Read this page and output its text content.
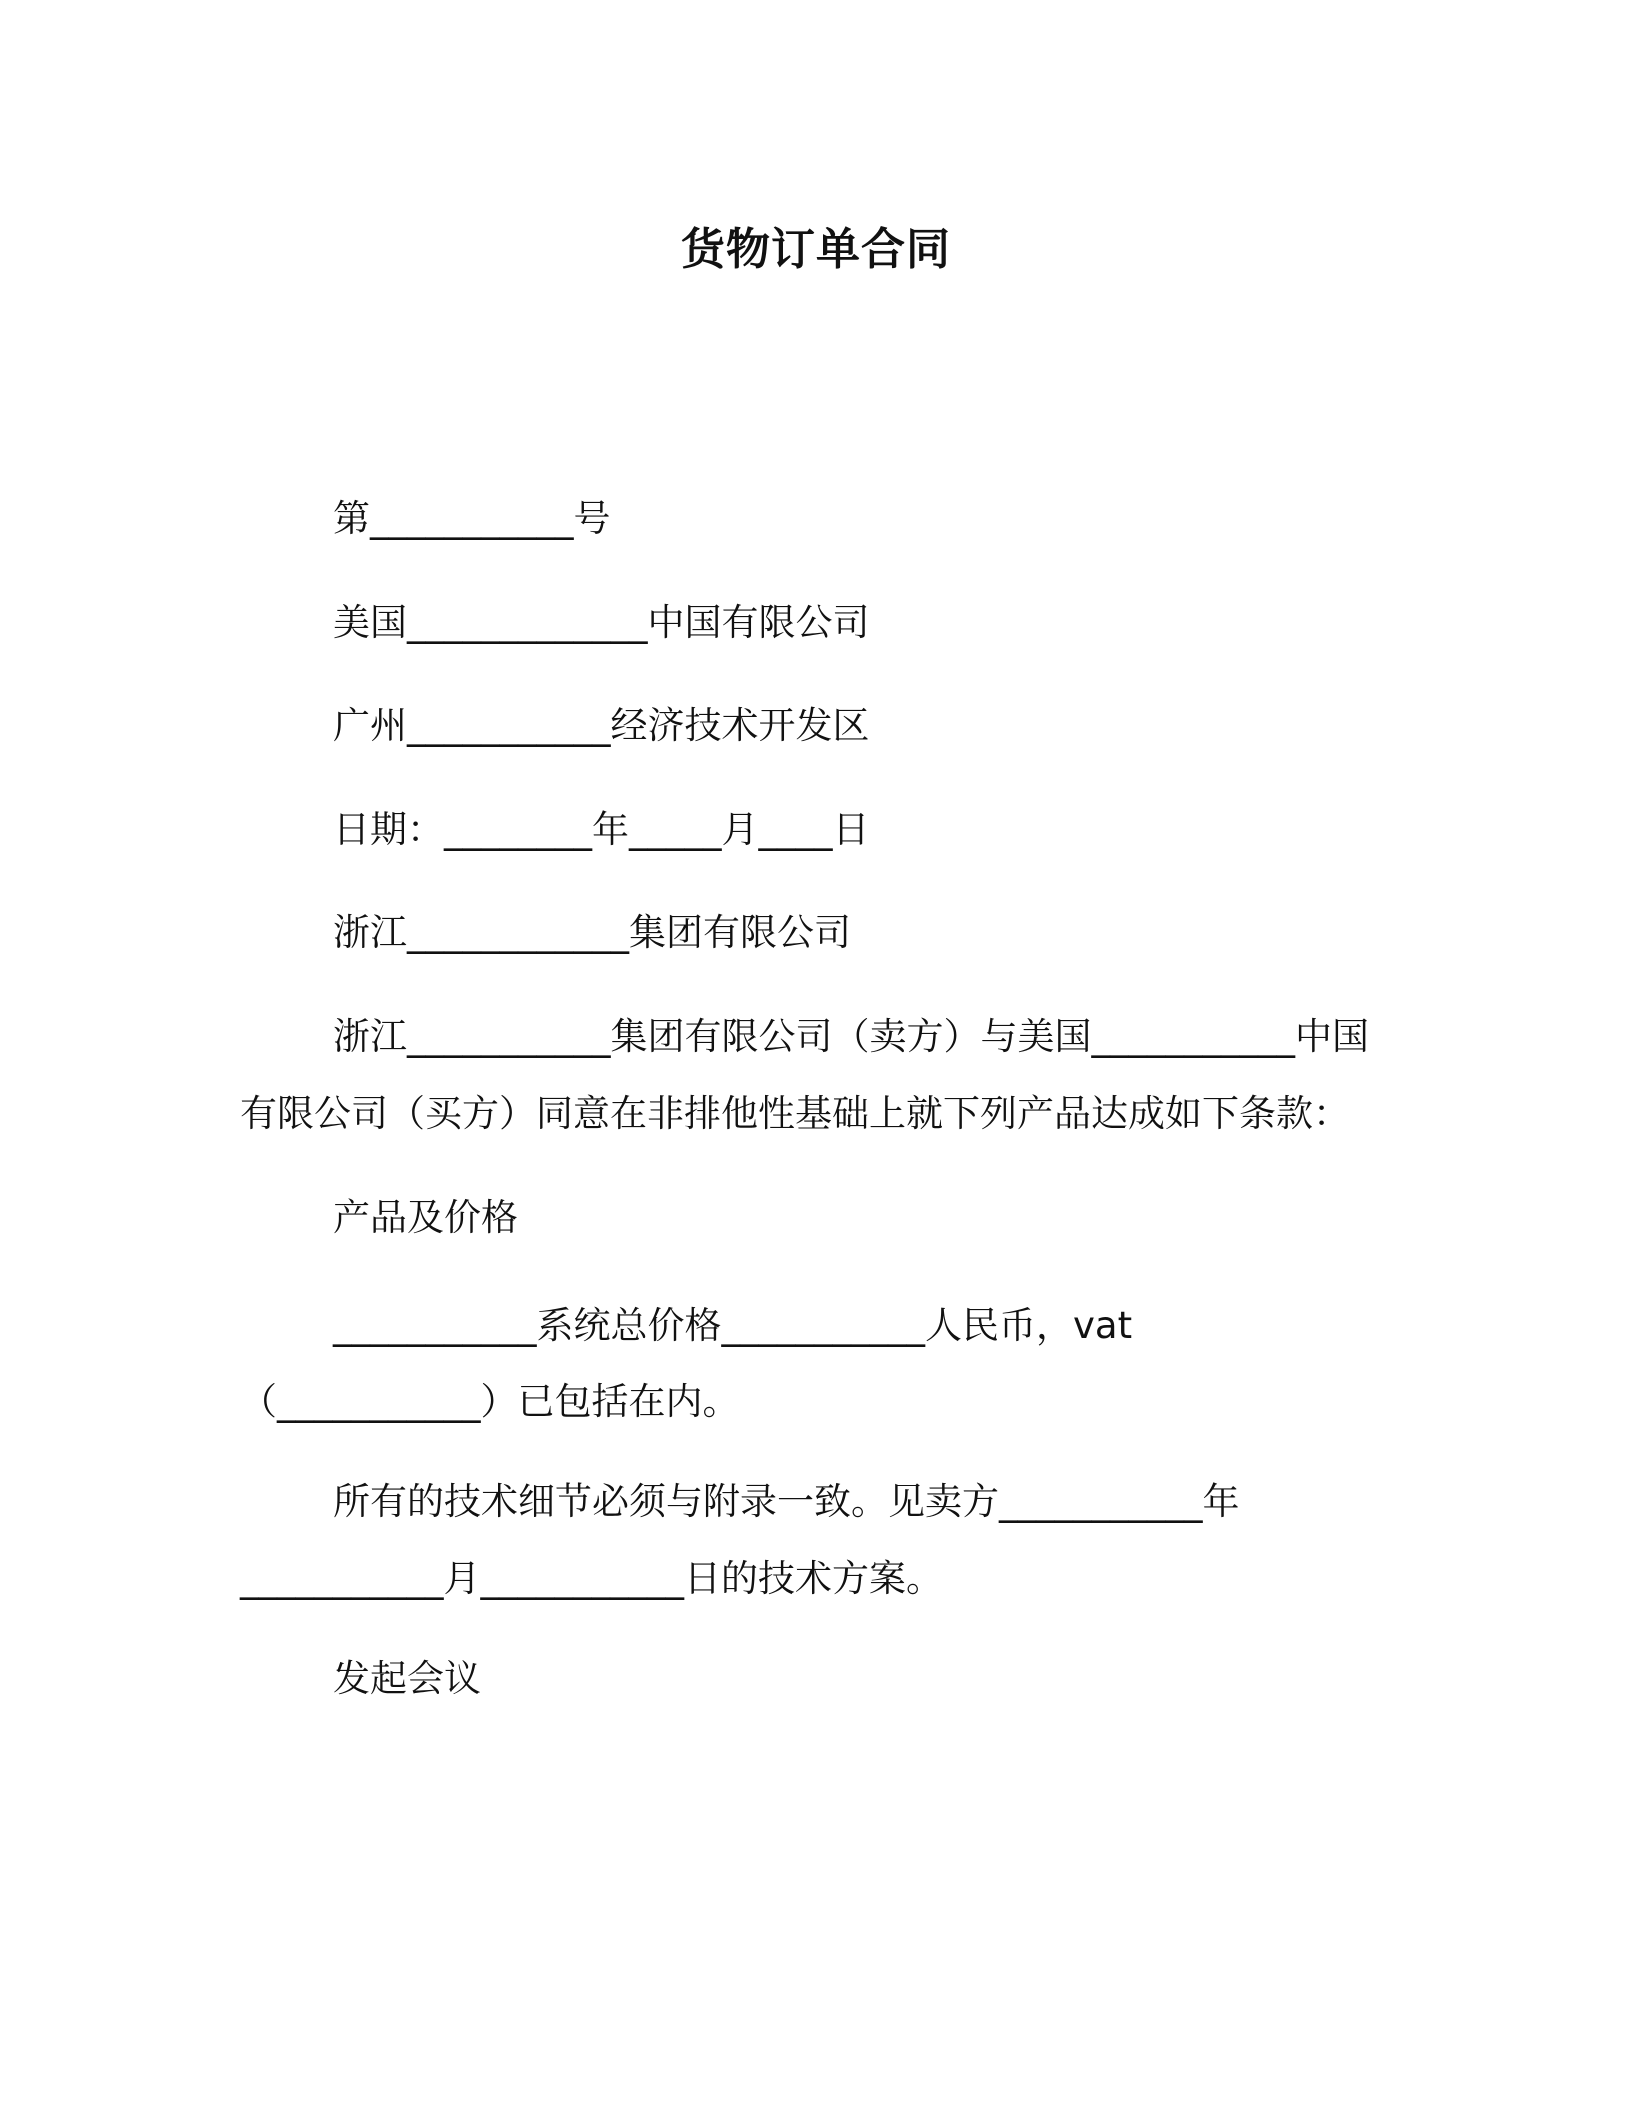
货物订单合同
第___________号
美国_____________中国有限公司
广州___________经济技术开发区
日期：________年_____月____日
浙江____________集团有限公司
浙江___________集团有限公司（卖方）与美国___________中国
有限公司（买方）同意在非排他性基础上就下列产品达成如下条款：
产品及价格
___________系统总价格___________人民币，vat
（___________）已包括在内。
所有的技术细节必须与附录一致。见卖方___________年
___________月___________日的技术方案。
发起会议
